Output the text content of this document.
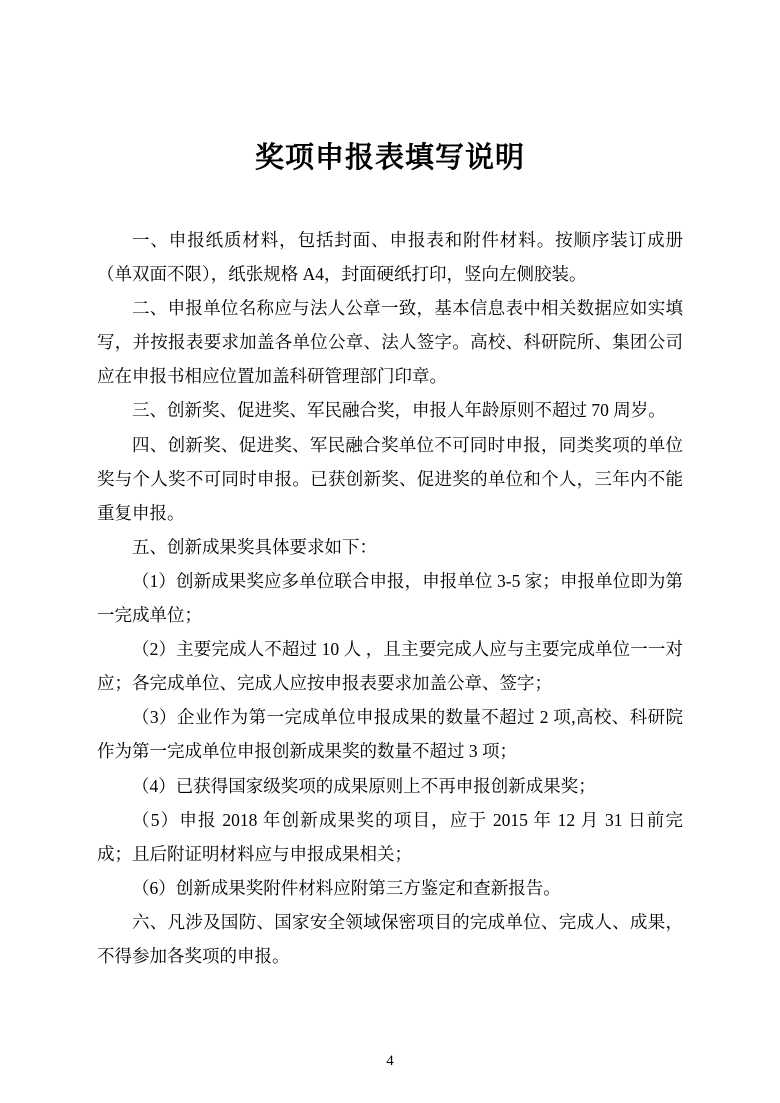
奖项申报表填写说明

一、申报纸质材料，包括封面、申报表和附件材料。按顺序装订成册（单双面不限），纸张规格 A4，封面硬纸打印，竖向左侧胶装。

二、申报单位名称应与法人公章一致，基本信息表中相关数据应如实填写，并按报表要求加盖各单位公章、法人签字。高校、科研院所、集团公司应在申报书相应位置加盖科研管理部门印章。

三、创新奖、促进奖、军民融合奖，申报人年龄原则不超过 70 周岁。

四、创新奖、促进奖、军民融合奖单位不可同时申报，同类奖项的单位奖与个人奖不可同时申报。已获创新奖、促进奖的单位和个人，三年内不能重复申报。

五、创新成果奖具体要求如下：

（1）创新成果奖应多单位联合申报，申报单位 3-5 家；申报单位即为第一完成单位；

（2）主要完成人不超过 10 人 ，且主要完成人应与主要完成单位一一对应；各完成单位、完成人应按申报表要求加盖公章、签字；

（3）企业作为第一完成单位申报成果的数量不超过 2 项,高校、科研院作为第一完成单位申报创新成果奖的数量不超过 3 项；

（4）已获得国家级奖项的成果原则上不再申报创新成果奖；

（5）申报 2018 年创新成果奖的项目，应于 2015 年 12 月 31 日前完成；且后附证明材料应与申报成果相关；

（6）创新成果奖附件材料应附第三方鉴定和查新报告。

六、凡涉及国防、国家安全领域保密项目的完成单位、完成人、成果，不得参加各奖项的申报。

4
